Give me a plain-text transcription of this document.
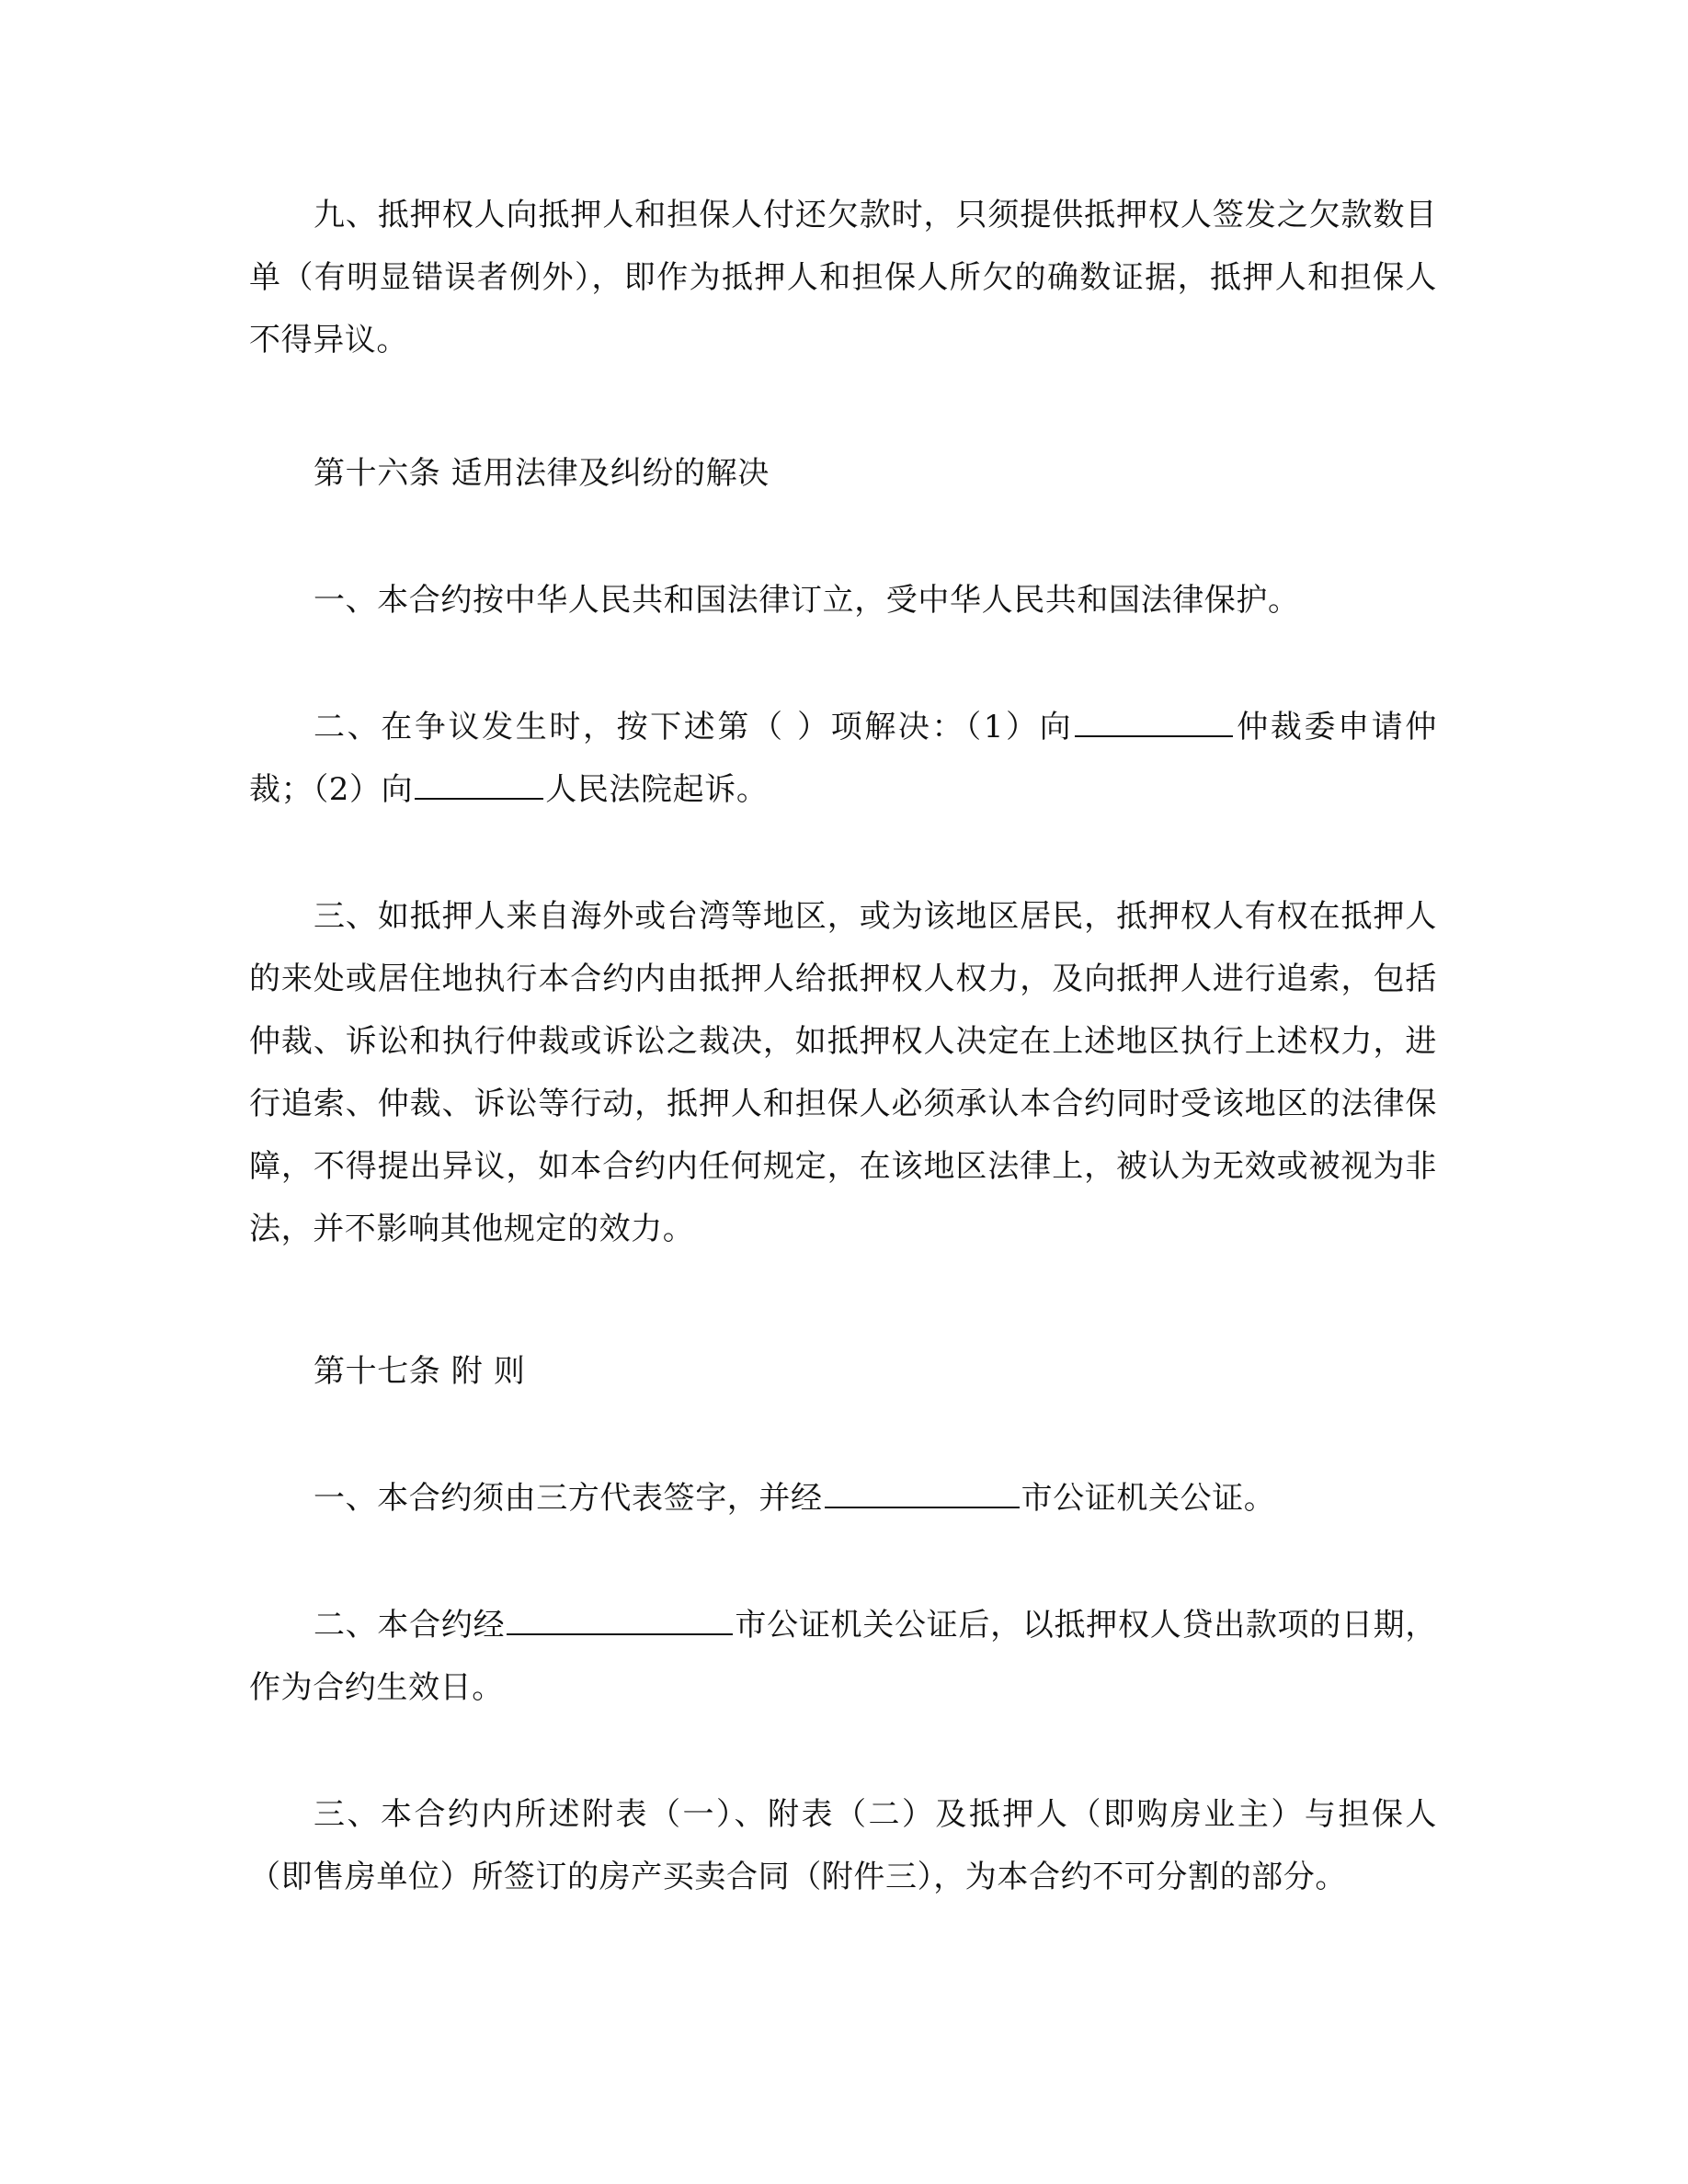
九、抵押权人向抵押人和担保人付还欠款时，只须提供抵押权人签发之欠款数目单（有明显错误者例外），即作为抵押人和担保人所欠的确数证据，抵押人和担保人不得异议。

第十六条 适用法律及纠纷的解决

一、本合约按中华人民共和国法律订立，受中华人民共和国法律保护。

二、在争议发生时，按下述第（ ）项解决：（1）向	仲裁委申请仲裁；（2）向	人民法院起诉。

三、如抵押人来自海外或台湾等地区，或为该地区居民，抵押权人有权在抵押人的来处或居住地执行本合约内由抵押人给抵押权人权力，及向抵押人进行追索，包括仲裁、诉讼和执行仲裁或诉讼之裁决，如抵押权人决定在上述地区执行上述权力，进行追索、仲裁、诉讼等行动，抵押人和担保人必须承认本合约同时受该地区的法律保障，不得提出异议，如本合约内任何规定，在该地区法律上，被认为无效或被视为非法，并不影响其他规定的效力。

第十七条 附 则

一、本合约须由三方代表签字，并经	市公证机关公证。

二、本合约经	市公证机关公证后，以抵押权人贷出款项的日期，作为合约生效日。

三、本合约内所述附表（一）、附表（二）及抵押人（即购房业主）与担保人（即售房单位）所签订的房产买卖合同（附件三），为本合约不可分割的部分。
